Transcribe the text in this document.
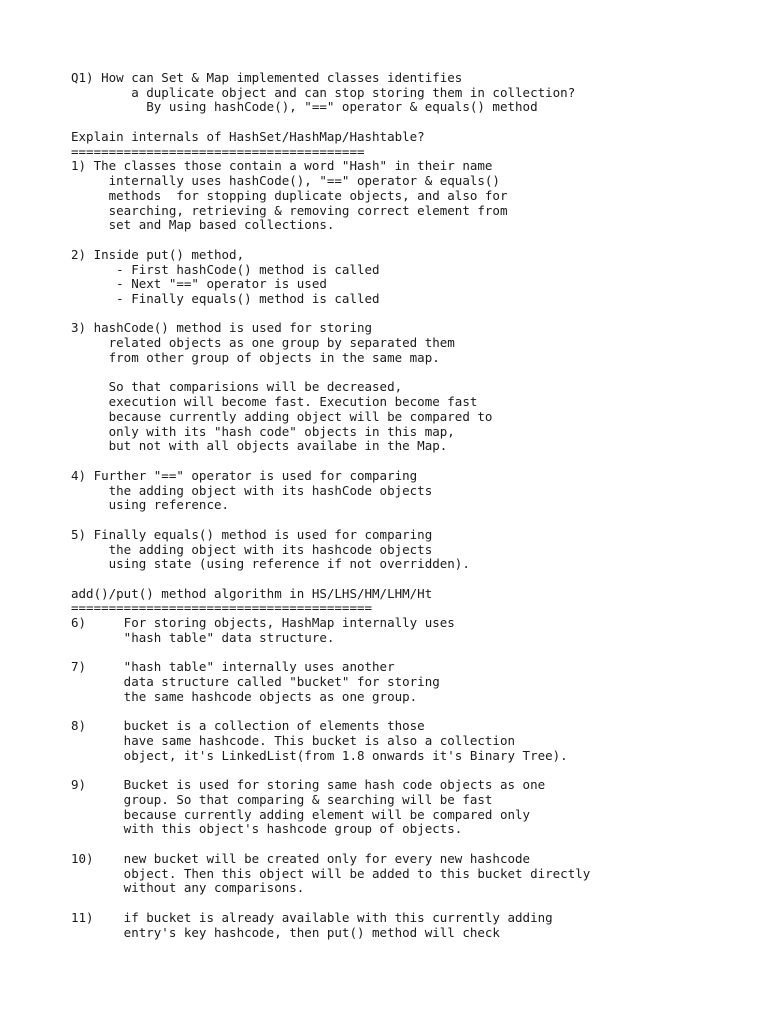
Q1) How can Set & Map implemented classes identifies
a duplicate object and can stop storing them in collection?
By using hashCode(), "==" operator & equals() method

Explain internals of HashSet/HashMap/Hashtable?
=======================================
1) The classes those contain a word "Hash" in their name
internally uses hashCode(), "==" operator & equals()
methods  for stopping duplicate objects, and also for
searching, retrieving & removing correct element from
set and Map based collections.

2) Inside put() method,
- First hashCode() method is called
- Next "==" operator is used
- Finally equals() method is called

3) hashCode() method is used for storing
related objects as one group by separated them
from other group of objects in the same map.

So that comparisions will be decreased,
execution will become fast. Execution become fast
because currently adding object will be compared to
only with its "hash code" objects in this map,
but not with all objects availabe in the Map.

4) Further "==" operator is used for comparing
the adding object with its hashCode objects
using reference.

5) Finally equals() method is used for comparing
the adding object with its hashcode objects
using state (using reference if not overridden).

add()/put() method algorithm in HS/LHS/HM/LHM/Ht
========================================
6)     For storing objects, HashMap internally uses
"hash table" data structure.

7)     "hash table" internally uses another
data structure called "bucket" for storing
the same hashcode objects as one group.

8)     bucket is a collection of elements those
have same hashcode. This bucket is also a collection
object, it's LinkedList(from 1.8 onwards it's Binary Tree).

9)     Bucket is used for storing same hash code objects as one
group. So that comparing & searching will be fast
because currently adding element will be compared only
with this object's hashcode group of objects.

10)    new bucket will be created only for every new hashcode
object. Then this object will be added to this bucket directly
without any comparisons.

11)    if bucket is already available with this currently adding
entry's key hashcode, then put() method will check
